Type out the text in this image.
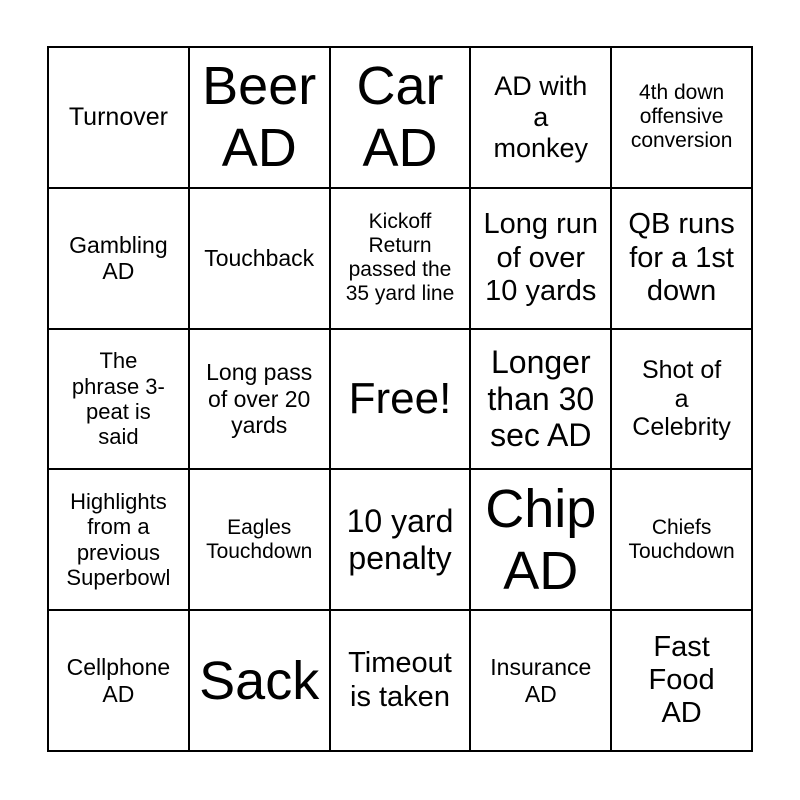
Turnover
Beer
AD
Car
AD
AD with
a
monkey
4th down
offensive
conversion
Gambling
AD
Touchback
Kickoff
Return
passed the
35 yard line
Long run
of over
10 yards
QB runs
for a 1st
down
The
phrase 3-
peat is
said
Long pass
of over 20
yards
Free!
Longer
than 30
sec AD
Shot of
a
Celebrity
Highlights
from a
previous
Superbowl
Eagles
Touchdown
10 yard
penalty
Chip
AD
Chiefs
Touchdown
Cellphone
AD	Sack Timeout
is taken
Insurance
AD
Fast
Food
AD
